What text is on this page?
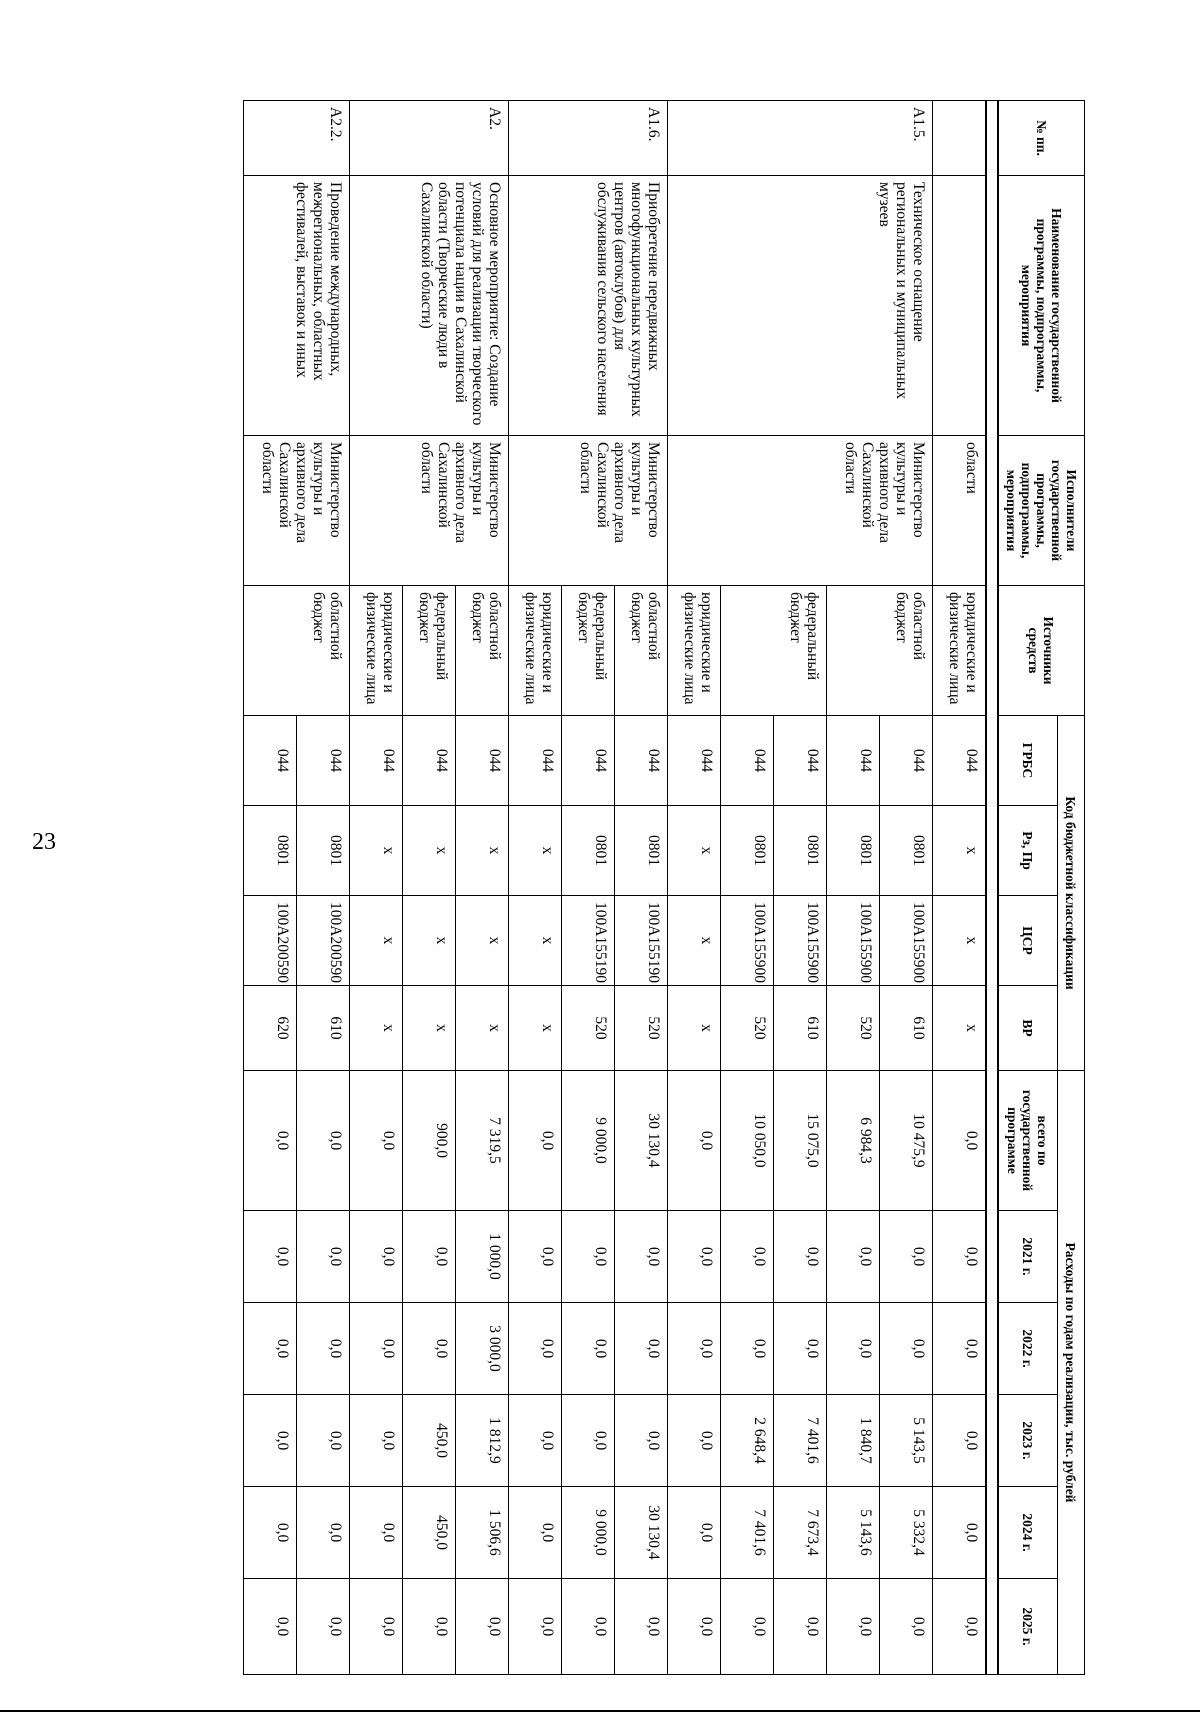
23
№ пп.	Наименование государственной программы, подпрограммы, мероприятия	Исполнители государственной программы, подпрограммы, мероприятия	Источники средств	Код бюджетной классификации				Расходы по годам реализации, тыс. рублей					
				ГРБС	Рз, Пр	ЦСР	ВР	всего по государственной программе	2021 г.	2022 г.	2023 г.	2024 г.	2025 г.

		области	юридические и физические лица	044	x	x	x	0,0	0,0	0,0	0,0	0,0	0,0
A1.5.	Техническое оснащение региональных и муниципальных музеев	Министерство культуры и архивного дела Сахалинской области	областной бюджет	044	0801	100A155900	610	10 475,9	0,0	0,0	5 143,5	5 332,4	0,0
				044	0801	100A155900	520	6 984,3	0,0	0,0	1 840,7	5 143,6	0,0
			федеральный бюджет	044	0801	100A155900	610	15 075,0	0,0	0,0	7 401,6	7 673,4	0,0
				044	0801	100A155900	520	10 050,0	0,0	0,0	2 648,4	7 401,6	0,0
			юридические и физические лица	044	x	x	x	0,0	0,0	0,0	0,0	0,0	0,0
A1.6.	Приобретение передвижных многофункциональных культурных центров (автоклубов) для обслуживания сельского населения	Министерство культуры и архивного дела Сахалинской области	областной бюджет	044	0801	100A155190	520	30 130,4	0,0	0,0	0,0	30 130,4	0,0
			федеральный бюджет	044	0801	100A155190	520	9 000,0	0,0	0,0	0,0	9 000,0	0,0
			юридические и физические лица	044	x	x	x	0,0	0,0	0,0	0,0	0,0	0,0
A2.	Основное мероприятие: Создание условий для реализации творческого потенциала нации в Сахалинской области (Творческие люди в Сахалинской области)	Министерство культуры и архивного дела Сахалинской области	областной бюджет	044	x	x	x	7 319,5	1 000,0	3 000,0	1 812,9	1 506,6	0,0
			федеральный бюджет	044	x	x	x	900,0	0,0	0,0	450,0	450,0	0,0
			юридические и физические лица	044	x	x	x	0,0	0,0	0,0	0,0	0,0	0,0
A2.2.	Проведение международных, межрегиональных, областных фестивалей, выставок и иных	Министерство культуры и архивного дела Сахалинской области	областной бюджет	044	0801	100A200590	610	0,0	0,0	0,0	0,0	0,0	0,0
				044	0801	100A200590	620	0,0	0,0	0,0	0,0	0,0	0,0
